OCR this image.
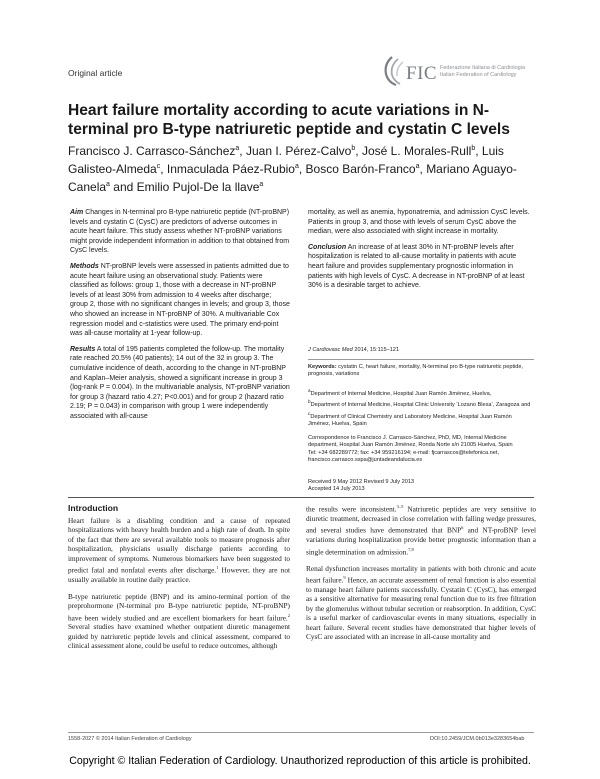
Original article	FIC Federazione Italiana di Cardiologia
Italian Federation of Cardiology
Heart failure mortality according to acute variations in N-terminal pro B-type natriuretic peptide and cystatin C levels
Francisco J. Carrasco-Sánchez$^a$, Juan I. Pérez-Calvo$^b$, José L. Morales-Rull$^b$, Luis Galisteo-Almeda$^c$, Inmaculada Páez-Rubio$^a$, Bosco Barón-Franco$^a$, Mariano Aguayo-Canela$^a$ and Emilio Pujol-De la llave$^a$

Aim Changes in N-terminal pro B-type natriuretic peptide (NT-proBNP) levels and cystatin C (CysC) are predictors of adverse outcomes in acute heart failure. This study assess whether NT-proBNP variations might provide independent information in addition to that obtained from CysC levels.

Methods NT-proBNP levels were assessed in patients admitted due to acute heart failure using an observational study. Patients were classified as follows: group 1, those with a decrease in NT-proBNP levels of at least 30% from admission to 4 weeks after discharge; group 2, those with no significant changes in levels; and group 3, those who showed an increase in NT-proBNP of 30%. A multivariable Cox regression model and c-statistics were used. The primary end-point was all-cause mortality at 1-year follow-up.

Results A total of 195 patients completed the follow-up. The mortality rate reached 20.5% (40 patients); 14 out of the 32 in group 3. The cumulative incidence of death, according to the change in NT-proBNP and Kaplan–Meier analysis, showed a significant increase in group 3 (log-rank P = 0.004). In the multivariable analysis, NT-proBNP variation for group 3 (hazard ratio 4.27; P<0.001) and for group 2 (hazard ratio 2.19; P = 0.043) in comparison with group 1 were independently associated with all-cause

mortality, as well as anemia, hyponatremia, and admission CysC levels. Patients in group 3, and those with levels of serum CysC above the median, were also associated with slight increase in mortality.

Conclusion An increase of at least 30% in NT-proBNP levels after hospitalization is related to all-cause mortality in patients with acute heart failure and provides supplementary prognostic information in patients with high levels of CysC. A decrease in NT-proBNP of at least 30% is a desirable target to achieve.

J Cardiovasc Med 2014, 15:115–121
Keywords: cystatin C, heart failure, mortality, N-terminal pro B-type natriuretic peptide, prognosis, variations
$^a$Department of Internal Medicine, Hospital Juan Ramón Jiménez, Huelva,
$^b$Department of Internal Medicine, Hospital Clinic University ‘Lozano Blesa’, Zaragoza and
$^c$Department of Clinical Chemistry and Laboratory Medicine, Hospital Juan Ramón Jiménez, Huelva, Spain
Correspondence to Francisco J. Carrasco-Sánchez, PhD, MD, Internal Medicine department, Hospital Juan Ramón Jiménez, Ronda Norte s/n 21005 Huelva, Spain
Tel: +34 682289772; fax: +34 959216194; e-mail: fjcarrascos@telefonica.net, francisco.carrasco.sspa@juntadeandalucia.es
Received 9 May 2012 Revised 9 July 2013
Accepted 14 July 2013
Introduction

Heart failure is a disabling condition and a cause of repeated hospitalizations with heavy health burden and a high rate of death. In spite of the fact that there are several available tools to measure prognosis after hospitalization, physicians usually discharge patients according to improvement of symptoms. Numerous biomarkers have been suggested to predict fatal and nonfatal events after discharge.$^1$ However, they are not usually available in routine daily practice.

B-type natriuretic peptide (BNP) and its amino-terminal portion of the preprohormone (N-terminal pro B-type natriuretic peptide, NT-proBNP) have been widely studied and are excellent biomarkers for heart failure.$^2$ Several studies have examined whether outpatient diuretic management guided by natriuretic peptide levels and clinical assessment, compared to clinical assessment alone, could be useful to reduce outcomes, although

the results were inconsistent.$^{3-5}$ Natriuretic peptides are very sensitive to diuretic treatment, decreased in close correlation with falling wedge pressures, and several studies have demonstrated that BNP$^6$ and NT-proBNP level variations during hospitalization provide better prognostic information than a single determination on admission.$^{7,8}$

Renal dysfunction increases mortality in patients with both chronic and acute heart failure.$^9$ Hence, an accurate assessment of renal function is also essential to manage heart failure patients successfully. Cystatin C (CysC), has emerged as a sensitive alternative for measuring renal function due to its free filtration by the glomerulus without tubular secretion or reabsorption. In addition, CysC is a useful marker of cardiovascular events in many situations, especially in heart failure. Several recent studies have demonstrated that higher levels of CysC are associated with an increase in all-cause mortality and

1558-2027 © 2014 Italian Federation of Cardiology	DOI:10.2459/JCM.0b013e3283654bab
Copyright © Italian Federation of Cardiology. Unauthorized reproduction of this article is prohibited.
